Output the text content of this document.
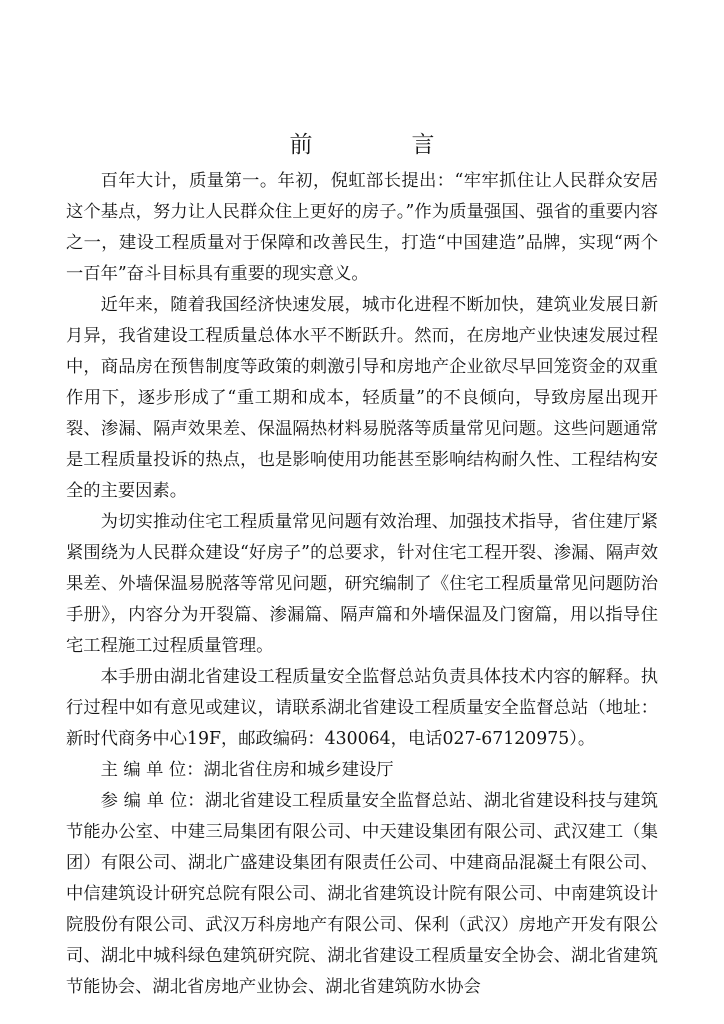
前　言

百年大计，质量第一。年初，倪虹部长提出：“牢牢抓住让人民群众安居这个基点，努力让人民群众住上更好的房子。”作为质量强国、强省的重要内容之一，建设工程质量对于保障和改善民生，打造“中国建造”品牌，实现“两个一百年”奋斗目标具有重要的现实意义。

近年来，随着我国经济快速发展，城市化进程不断加快，建筑业发展日新月异，我省建设工程质量总体水平不断跃升。然而，在房地产业快速发展过程中，商品房在预售制度等政策的刺激引导和房地产企业欲尽早回笼资金的双重作用下，逐步形成了“重工期和成本，轻质量”的不良倾向，导致房屋出现开裂、渗漏、隔声效果差、保温隔热材料易脱落等质量常见问题。这些问题通常是工程质量投诉的热点，也是影响使用功能甚至影响结构耐久性、工程结构安全的主要因素。

为切实推动住宅工程质量常见问题有效治理、加强技术指导，省住建厅紧紧围绕为人民群众建设“好房子”的总要求，针对住宅工程开裂、渗漏、隔声效果差、外墙保温易脱落等常见问题，研究编制了《住宅工程质量常见问题防治手册》，内容分为开裂篇、渗漏篇、隔声篇和外墙保温及门窗篇，用以指导住宅工程施工过程质量管理。

本手册由湖北省建设工程质量安全监督总站负责具体技术内容的解释。执行过程中如有意见或建议，请联系湖北省建设工程质量安全监督总站（地址：新时代商务中心19F，邮政编码：430064，电话027-67120975）。

主 编 单 位：湖北省住房和城乡建设厅

参 编 单 位：湖北省建设工程质量安全监督总站、湖北省建设科技与建筑节能办公室、中建三局集团有限公司、中天建设集团有限公司、武汉建工（集团）有限公司、湖北广盛建设集团有限责任公司、中建商品混凝土有限公司、中信建筑设计研究总院有限公司、湖北省建筑设计院有限公司、中南建筑设计院股份有限公司、武汉万科房地产有限公司、保利（武汉）房地产开发有限公司、湖北中城科绿色建筑研究院、湖北省建设工程质量安全协会、湖北省建筑节能协会、湖北省房地产业协会、湖北省建筑防水协会
